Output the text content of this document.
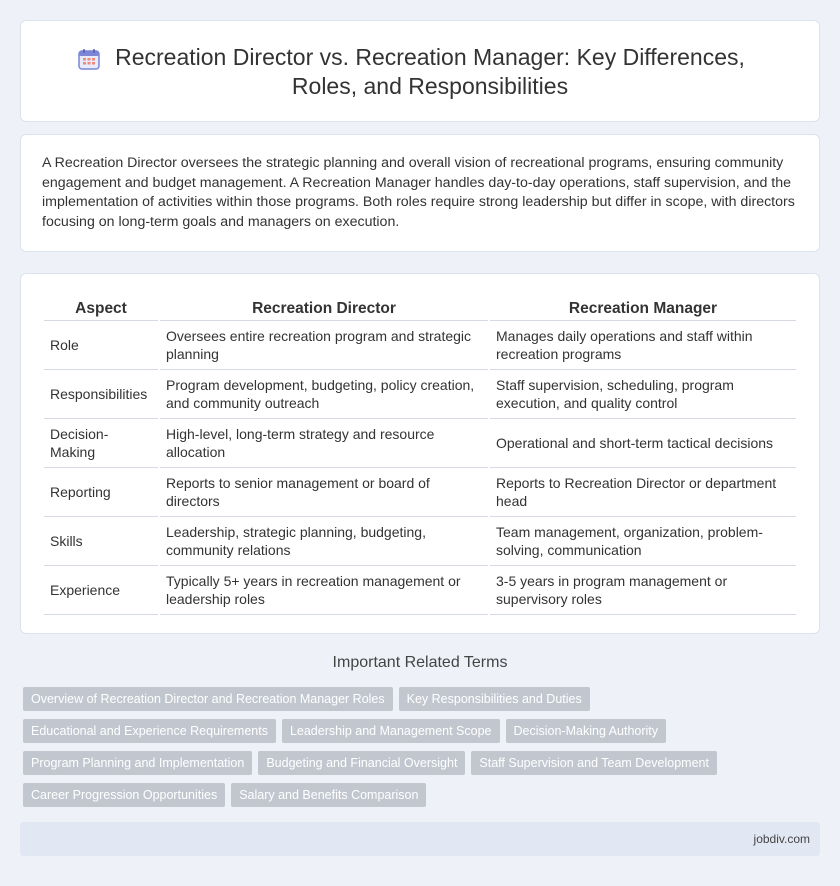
Recreation Director vs. Recreation Manager: Key Differences, Roles, and Responsibilities

A Recreation Director oversees the strategic planning and overall vision of recreational programs, ensuring community engagement and budget management. A Recreation Manager handles day-to-day operations, staff supervision, and the implementation of activities within those programs. Both roles require strong leadership but differ in scope, with directors focusing on long-term goals and managers on execution.

Aspect	Recreation Director	Recreation Manager
Role	Oversees entire recreation program and strategic planning	Manages daily operations and staff within recreation programs
Responsibilities	Program development, budgeting, policy creation, and community outreach	Staff supervision, scheduling, program execution, and quality control
Decision-Making	High-level, long-term strategy and resource allocation	Operational and short-term tactical decisions
Reporting	Reports to senior management or board of directors	Reports to Recreation Director or department head
Skills	Leadership, strategic planning, budgeting, community relations	Team management, organization, problem-solving, communication
Experience	Typically 5+ years in recreation management or leadership roles	3-5 years in program management or supervisory roles
Important Related Terms
Overview of Recreation Director and Recreation Manager Roles	Key Responsibilities and Duties
Educational and Experience Requirements	Leadership and Management Scope	Decision-Making Authority
Program Planning and Implementation	Budgeting and Financial Oversight	Staff Supervision and Team Development
Career Progression Opportunities	Salary and Benefits Comparison
jobdiv.com
